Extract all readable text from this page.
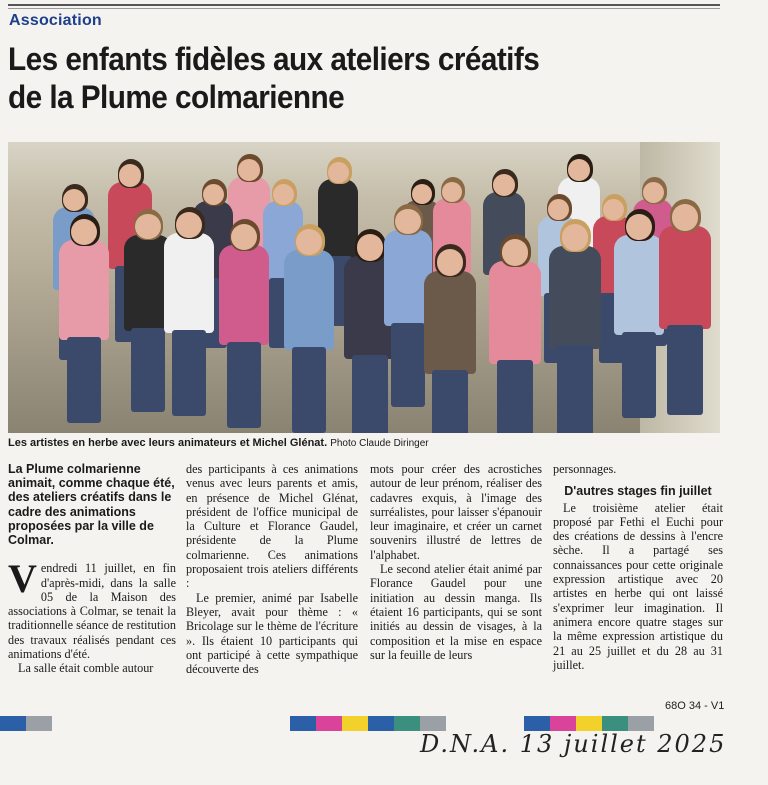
Association
Les enfants fidèles aux ateliers créatifs
de la Plume colmarienne
Les artistes en herbe avec leurs animateurs et Michel Glénat. Photo Claude Diringer

La Plume colmarienne animait, comme chaque été, des ateliers créatifs dans le cadre des animations proposées par la ville de Colmar.

Vendredi 11 juillet, en fin d'après-midi, dans la salle 05 de la Maison des associations à Colmar, se tenait la traditionnelle séance de restitution des travaux réalisés pendant ces animations d'été.

La salle était comble autour

des participants à ces animations venus avec leurs parents et amis, en présence de Michel Glénat, président de l'office municipal de la Culture et Florance Gaudel, présidente de la Plume colmarienne. Ces animations proposaient trois ateliers différents :

Le premier, animé par Isabelle Bleyer, avait pour thème : « Bricolage sur le thème de l'écriture ». Ils étaient 10 participants qui ont participé à cette sympathique découverte des

mots pour créer des acrostiches autour de leur prénom, réaliser des cadavres exquis, à l'image des surréalistes, pour laisser s'épanouir leur imaginaire, et créer un carnet souvenirs illustré de lettres de l'alphabet.

Le second atelier était animé par Florance Gaudel pour une initiation au dessin manga. Ils étaient 16 participants, qui se sont initiés au dessin de visages, à la composition et la mise en espace sur la feuille de leurs

personnages.

D'autres stages fin juillet

Le troisième atelier était proposé par Fethi el Euchi pour des créations de dessins à l'encre sèche. Il a partagé ses connaissances pour cette originale expression artistique avec 20 artistes en herbe qui ont laissé s'exprimer leur imagination. Il animera encore quatre stages sur la même expression artistique du 21 au 25 juillet et du 28 au 31 juillet.

68O 34 - V1
D.N.A. 13 juillet 2025
